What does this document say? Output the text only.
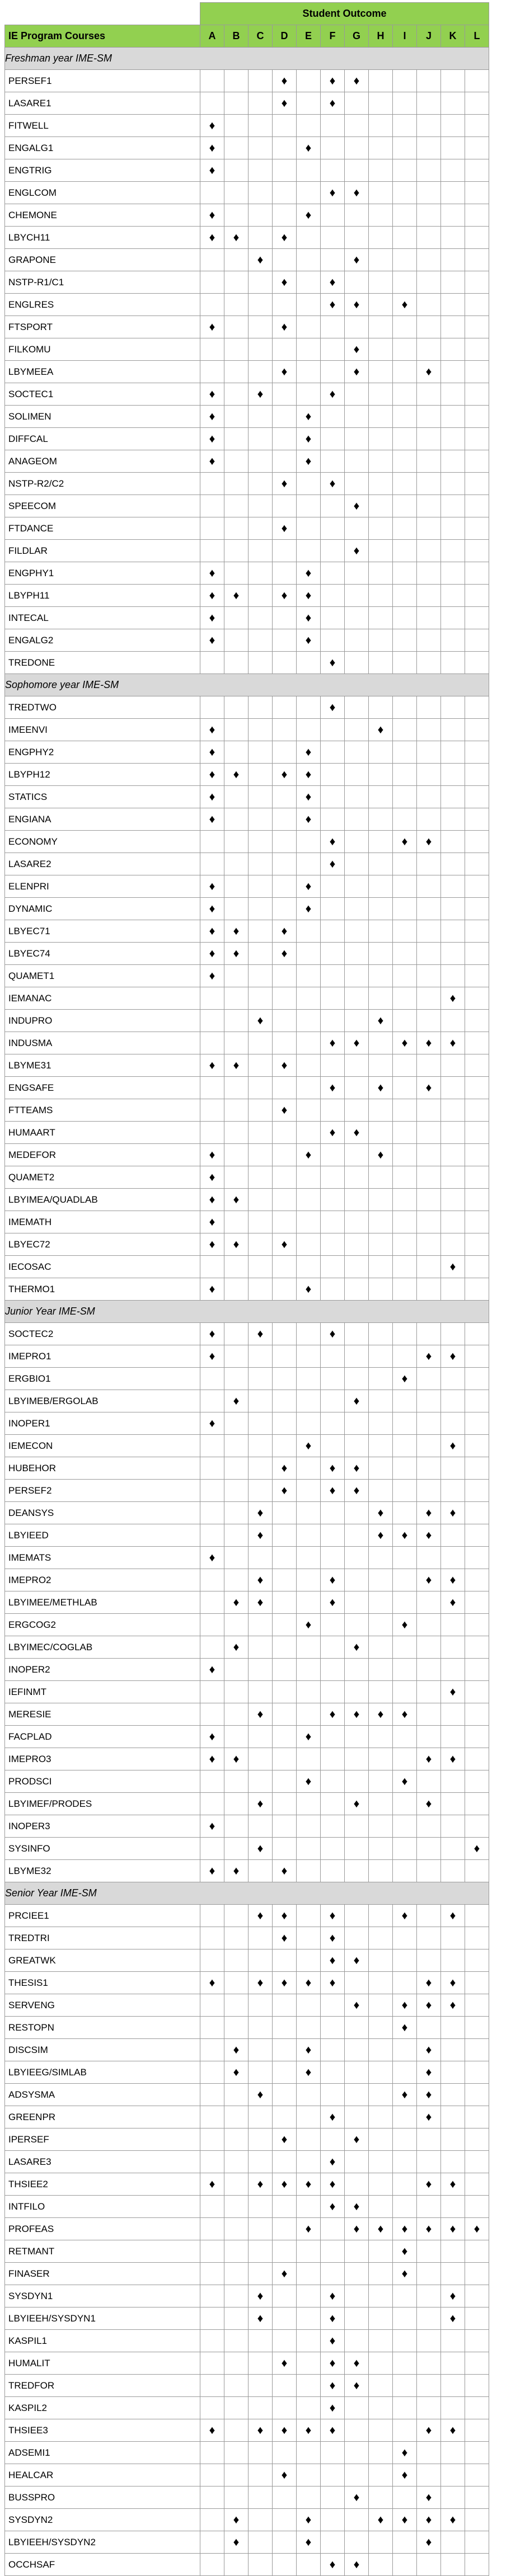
	Student Outcome											
IE Program Courses	A	B	C	D	E	F	G	H	I	J	K	L
Freshman year IME-SM												
PERSEF1				♦		♦	♦					
LASARE1				♦		♦						
FITWELL	♦											
ENGALG1	♦				♦							
ENGTRIG	♦											
ENGLCOM						♦	♦					
CHEMONE	♦				♦							
LBYCH11	♦	♦		♦								
GRAPONE			♦				♦					
NSTP-R1/C1				♦		♦						
ENGLRES						♦	♦		♦			
FTSPORT	♦			♦								
FILKOMU							♦					
LBYMEEA				♦			♦			♦		
SOCTEC1	♦		♦			♦						
SOLIMEN	♦				♦							
DIFFCAL	♦				♦							
ANAGEOM	♦				♦							
NSTP-R2/C2				♦		♦						
SPEECOM							♦					
FTDANCE				♦								
FILDLAR							♦					
ENGPHY1	♦				♦							
LBYPH11	♦	♦		♦	♦							
INTECAL	♦				♦							
ENGALG2	♦				♦							
TREDONE						♦						
Sophomore year IME-SM												
TREDTWO						♦						
IMEENVI	♦							♦				
ENGPHY2	♦				♦							
LBYPH12	♦	♦		♦	♦							
STATICS	♦				♦							
ENGIANA	♦				♦							
ECONOMY						♦			♦	♦		
LASARE2						♦						
ELENPRI	♦				♦							
DYNAMIC	♦				♦							
LBYEC71	♦	♦		♦								
LBYEC74	♦	♦		♦								
QUAMET1	♦											
IEMANAC											♦	
INDUPRO			♦					♦				
INDUSMA						♦	♦		♦	♦	♦	
LBYME31	♦	♦		♦								
ENGSAFE						♦		♦		♦		
FTTEAMS				♦								
HUMAART						♦	♦					
MEDEFOR	♦				♦			♦				
QUAMET2	♦											
LBYIMEA/QUADLAB	♦	♦										
IMEMATH	♦											
LBYEC72	♦	♦		♦								
IECOSAC											♦	
THERMO1	♦				♦							
Junior Year IME-SM												
SOCTEC2	♦		♦			♦						
IMEPRO1	♦									♦	♦	
ERGBIO1									♦			
LBYIMEB/ERGOLAB		♦					♦					
INOPER1	♦											
IEMECON					♦						♦	
HUBEHOR				♦		♦	♦					
PERSEF2				♦		♦	♦					
DEANSYS			♦					♦		♦	♦	
LBYIEED			♦					♦	♦	♦		
IMEMATS	♦											
IMEPRO2			♦			♦				♦	♦	
LBYIMEE/METHLAB		♦	♦			♦					♦	
ERGCOG2					♦				♦			
LBYIMEC/COGLAB		♦					♦					
INOPER2	♦											
IEFINMT											♦	
MERESIE			♦			♦	♦	♦	♦			
FACPLAD	♦				♦							
IMEPRO3	♦	♦								♦	♦	
PRODSCI					♦				♦			
LBYIMEF/PRODES			♦				♦			♦		
INOPER3	♦											
SYSINFO			♦									♦
LBYME32	♦	♦		♦								
Senior Year IME-SM												
PRCIEE1			♦	♦		♦			♦		♦	
TREDTRI				♦		♦						
GREATWK						♦	♦					
THESIS1	♦		♦	♦	♦	♦				♦	♦	
SERVENG							♦		♦	♦	♦	
RESTOPN									♦			
DISCSIM		♦			♦					♦		
LBYIEEG/SIMLAB		♦			♦					♦		
ADSYSMA			♦						♦	♦		
GREENPR						♦				♦		
IPERSEF				♦			♦					
LASARE3						♦						
THSIEE2	♦		♦	♦	♦	♦				♦	♦	
INTFILO						♦	♦					
PROFEAS					♦		♦	♦	♦	♦	♦	♦
RETMANT									♦			
FINASER				♦					♦			
SYSDYN1			♦			♦					♦	
LBYIEEH/SYSDYN1			♦			♦					♦	
KASPIL1						♦						
HUMALIT				♦		♦	♦					
TREDFOR						♦	♦					
KASPIL2						♦						
THSIEE3	♦		♦	♦	♦	♦				♦	♦	
ADSEMI1									♦			
HEALCAR				♦					♦			
BUSSPRO							♦			♦		
SYSDYN2		♦			♦			♦	♦	♦	♦	
LBYIEEH/SYSDYN2		♦			♦					♦		
OCCHSAF						♦	♦					
